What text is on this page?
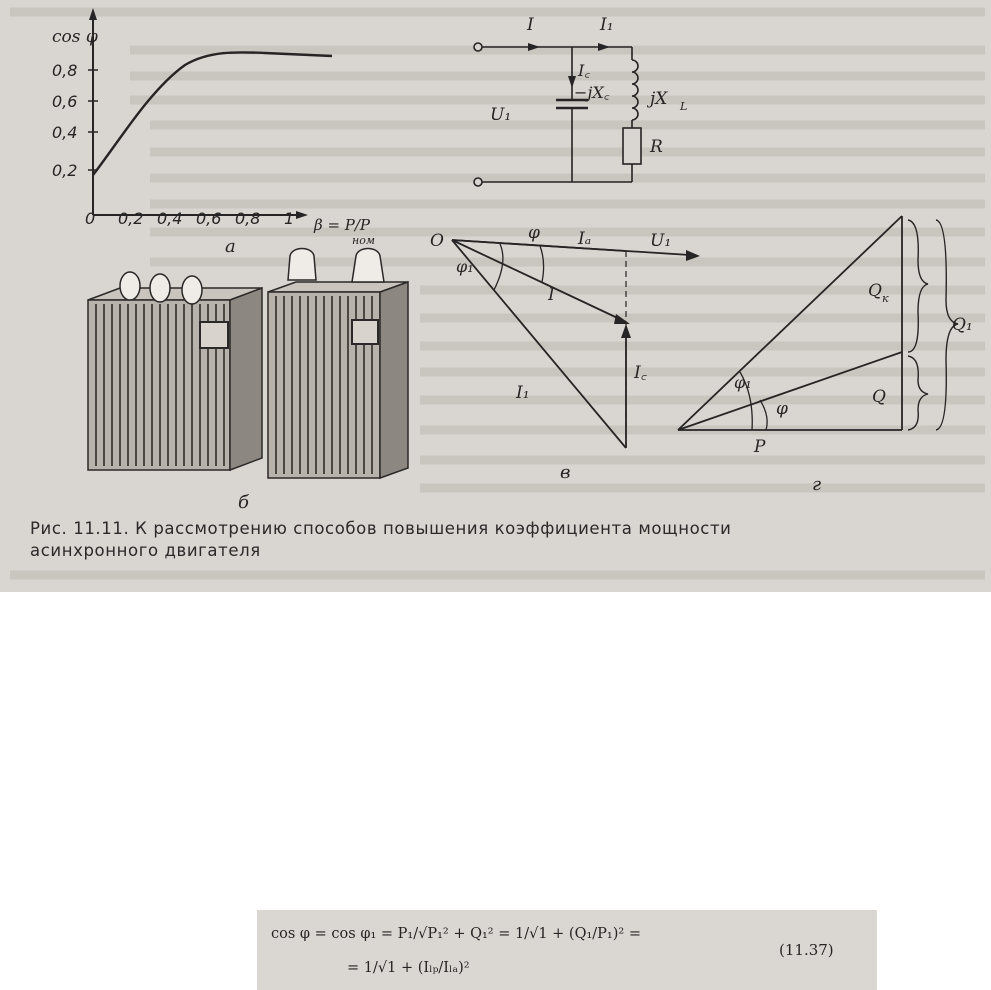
cos φ
0,8
0,6
0,4
0,2
0 0,2 0,4 0,6 0,8 1 β = P/P
ном
a
б
I	I₁
I꜀
−jX꜀ jX L
R
U₁
O	φ
φ₁
Iₐ	U₁
I
I꜀
I₁
в
Q к
Q₁
Q
φ₁
φ
P
г
Рис. 11.11. К рассмотрению способов повышения коэффициента мощности
асинхронного двигателя
cos φ = cos φ₁ = P₁/√P₁² + Q₁² = 1/√1 + (Q₁/P₁)² =
= 1/√1 + (Iₗₚ/Iₗₐ)²
(11.37)
